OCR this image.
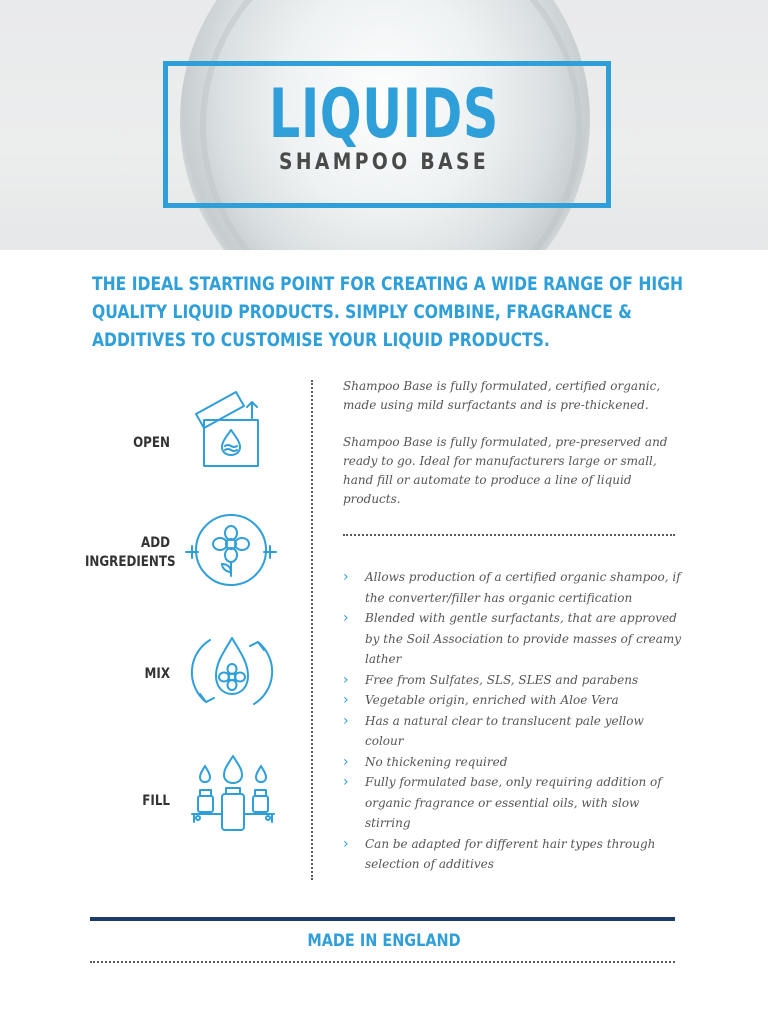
LIQUIDS
SHAMPOO BASE
THE IDEAL STARTING POINT FOR CREATING A WIDE RANGE OF HIGH QUALITY LIQUID PRODUCTS. SIMPLY COMBINE, FRAGRANCE & ADDITIVES TO CUSTOMISE YOUR LIQUID PRODUCTS.
OPEN
ADD
INGREDIENTS
MIX
FILL
Shampoo Base is fully formulated, certified organic, made using mild surfactants and is pre-thickened.
Shampoo Base is fully formulated, pre-preserved and ready to go. Ideal for manufacturers large or small, hand fill or automate to produce a line of liquid products.
› Allows production of a certified organic shampoo, if the converter/filler has organic certification
› Blended with gentle surfactants, that are approved by the Soil Association to provide masses of creamy lather
› Free from Sulfates, SLS, SLES and parabens
› Vegetable origin, enriched with Aloe Vera
› Has a natural clear to translucent pale yellow colour
› No thickening required
› Fully formulated base, only requiring addition of organic fragrance or essential oils, with slow stirring
› Can be adapted for different hair types through selection of additives
MADE IN ENGLAND
